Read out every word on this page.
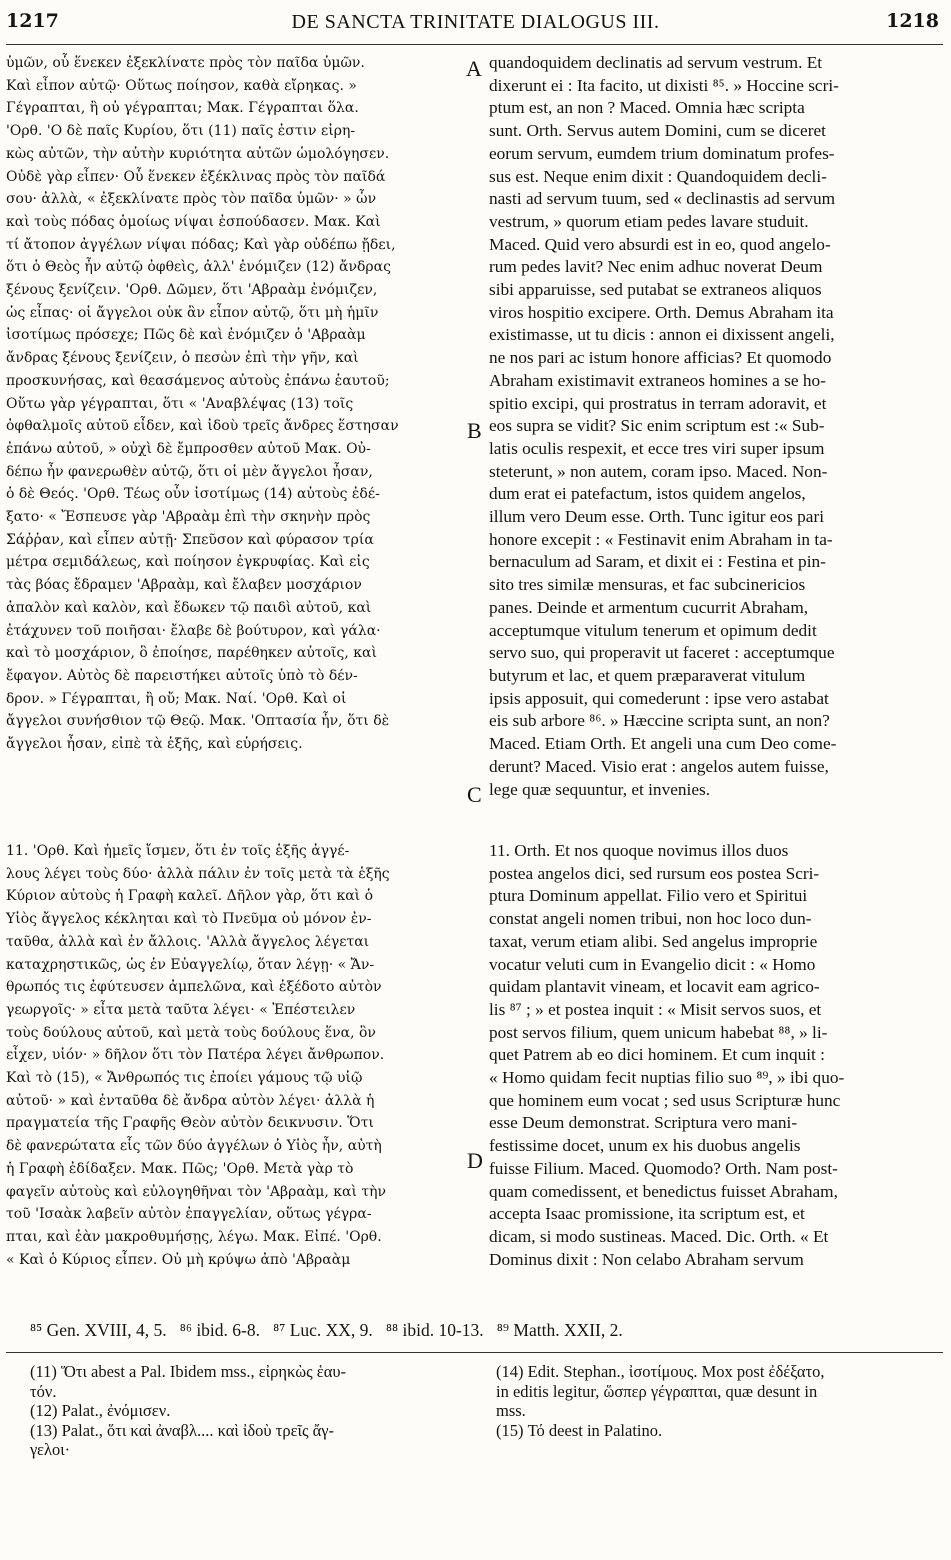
1217	DE SANCTA TRINITATE DIALOGUS III.	1218
ὑμῶν, οὗ ἕνεκεν ἐξεκλίνατε πρὸς τὸν παῖδα ὑμῶν.
Καὶ εἶπον αὐτῷ· Οὕτως ποίησον, καθὰ εἴρηκας. »
Γέγραπται, ἢ οὐ γέγραπται; Μακ. Γέγραπται ὅλα.
'Ορθ. 'Ο δὲ παῖς Κυρίου, ὅτι (11) παῖς ἐστιν εἰρη-
κὼς αὐτῶν, τὴν αὐτὴν κυριότητα αὐτῶν ὡμολόγησεν.
Οὐδὲ γὰρ εἶπεν· Οὗ ἕνεκεν ἐξέκλινας πρὸς τὸν παῖδά
σου· ἀλλὰ, « ἐξεκλίνατε πρὸς τὸν παῖδα ὑμῶν· » ὧν
καὶ τοὺς πόδας ὁμοίως νίψαι ἐσπούδασεν. Μακ. Καὶ
τί ἄτοπον ἀγγέλων νίψαι πόδας; Καὶ γὰρ οὐδέπω ᾔδει,
ὅτι ὁ Θεὸς ἦν αὐτῷ ὀφθεὶς, ἀλλ' ἐνόμιζεν (12) ἄνδρας
ξένους ξενίζειν. 'Ορθ. Δῶμεν, ὅτι 'Αβραὰμ ἐνόμιζεν,
ὡς εἶπας· οἱ ἄγγελοι οὐκ ἂν εἶπον αὐτῷ, ὅτι μὴ ἡμῖν
ἰσοτίμως πρόσεχε; Πῶς δὲ καὶ ἐνόμιζεν ὁ 'Αβραὰμ
ἄνδρας ξένους ξενίζειν, ὁ πεσὼν ἐπὶ τὴν γῆν, καὶ
προσκυνήσας, καὶ θεασάμενος αὐτοὺς ἐπάνω ἑαυτοῦ;
Οὕτω γὰρ γέγραπται, ὅτι « 'Αναβλέψας (13) τοῖς
ὀφθαλμοῖς αὐτοῦ εἶδεν, καὶ ἰδοὺ τρεῖς ἄνδρες ἕστησαν
ἐπάνω αὐτοῦ, » οὐχὶ δὲ ἔμπροσθεν αὐτοῦ Μακ. Οὐ-
δέπω ἦν φανερωθὲν αὐτῷ, ὅτι οἱ μὲν ἄγγελοι ἦσαν,
ὁ δὲ Θεός. 'Ορθ. Τέως οὖν ἰσοτίμως (14) αὐτοὺς ἐδέ-
ξατο· « Ἔσπευσε γὰρ 'Αβραὰμ ἐπὶ τὴν σκηνὴν πρὸς
Σάῤῥαν, καὶ εἶπεν αὐτῇ· Σπεῦσον καὶ φύρασον τρία
μέτρα σεμιδάλεως, καὶ ποίησον ἐγκρυφίας. Καὶ εἰς
τὰς βόας ἔδραμεν 'Αβραὰμ, καὶ ἔλαβεν μοσχάριον
ἁπαλὸν καὶ καλὸν, καὶ ἔδωκεν τῷ παιδὶ αὐτοῦ, καὶ
ἐτάχυνεν τοῦ ποιῆσαι· ἔλαβε δὲ βούτυρον, καὶ γάλα·
καὶ τὸ μοσχάριον, ὃ ἐποίησε, παρέθηκεν αὐτοῖς, καὶ
ἔφαγον. Αὐτὸς δὲ παρειστήκει αὐτοῖς ὑπὸ τὸ δέν-
δρον. » Γέγραπται, ἢ οὔ; Μακ. Ναί. 'Ορθ. Καὶ οἱ
ἄγγελοι συνήσθιον τῷ Θεῷ. Μακ. 'Οπτασία ἦν, ὅτι δὲ
ἄγγελοι ἦσαν, εἰπὲ τὰ ἑξῆς, καὶ εὑρήσεις.
quandoquidem declinatis ad servum vestrum. Et
dixerunt ei : Ita facito, ut dixisti ⁸⁵. » Hoccine scri-
ptum est, an non ? Maced. Omnia hæc scripta
sunt. Orth. Servus autem Domini, cum se diceret
eorum servum, eumdem trium dominatum profes-
sus est. Neque enim dixit : Quandoquidem decli-
nasti ad servum tuum, sed « declinastis ad servum
vestrum, » quorum etiam pedes lavare studuit.
Maced. Quid vero absurdi est in eo, quod angelo-
rum pedes lavit? Nec enim adhuc noverat Deum
sibi apparuisse, sed putabat se extraneos aliquos
viros hospitio excipere. Orth. Demus Abraham ita
existimasse, ut tu dicis : annon ei dixissent angeli,
ne nos pari ac istum honore afficias? Et quomodo
Abraham existimavit extraneos homines a se ho-
spitio excipi, qui prostratus in terram adoravit, et
eos supra se vidit? Sic enim scriptum est :« Sub-
latis oculis respexit, et ecce tres viri super ipsum
steterunt, » non autem, coram ipso. Maced. Non-
dum erat ei patefactum, istos quidem angelos,
illum vero Deum esse. Orth. Tunc igitur eos pari
honore excepit : « Festinavit enim Abraham in ta-
bernaculum ad Saram, et dixit ei : Festina et pin-
sito tres similæ mensuras, et fac subcinericios
panes. Deinde et armentum cucurrit Abraham,
acceptumque vitulum tenerum et opimum dedit
servo suo, qui properavit ut faceret : acceptumque
butyrum et lac, et quem præparaverat vitulum
ipsis apposuit, qui comederunt : ipse vero astabat
eis sub arbore ⁸⁶. » Hæccine scripta sunt, an non?
Maced. Etiam Orth. Et angeli una cum Deo come-
derunt? Maced. Visio erat : angelos autem fuisse,
lege quæ sequuntur, et invenies.
11. 'Ορθ. Καὶ ἡμεῖς ἴσμεν, ὅτι ἐν τοῖς ἑξῆς ἀγγέ-
λους λέγει τοὺς δύο· ἀλλὰ πάλιν ἐν τοῖς μετὰ τὰ ἑξῆς
Κύριον αὐτοὺς ἡ Γραφὴ καλεῖ. Δῆλον γὰρ, ὅτι καὶ ὁ
Υἱὸς ἄγγελος κέκληται καὶ τὸ Πνεῦμα οὐ μόνον ἐν-
ταῦθα, ἀλλὰ καὶ ἐν ἄλλοις. 'Αλλὰ ἄγγελος λέγεται
καταχρηστικῶς, ὡς ἐν Εὐαγγελίῳ, ὅταν λέγῃ· « Ἄν-
θρωπός τις ἐφύτευσεν ἀμπελῶνα, καὶ ἐξέδοτο αὐτὸν
γεωργοῖς· » εἶτα μετὰ ταῦτα λέγει· « Ἐπέστειλεν
τοὺς δούλους αὐτοῦ, καὶ μετὰ τοὺς δούλους ἕνα, ὃν
εἶχεν, υἱόν· » δῆλον ὅτι τὸν Πατέρα λέγει ἄνθρωπον.
Καὶ τὸ (15), « Ἄνθρωπός τις ἐποίει γάμους τῷ υἱῷ
αὐτοῦ· » καὶ ἐνταῦθα δὲ ἄνδρα αὐτὸν λέγει· ἀλλὰ ἡ
πραγματεία τῆς Γραφῆς Θεὸν αὐτὸν δεικνυσιν. Ὅτι
δὲ φανερώτατα εἷς τῶν δύο ἀγγέλων ὁ Υἱὸς ἦν, αὐτὴ
ἡ Γραφὴ ἐδίδαξεν. Μακ. Πῶς; 'Ορθ. Μετὰ γὰρ τὸ
φαγεῖν αὐτοὺς καὶ εὐλογηθῆναι τὸν 'Αβραὰμ, καὶ τὴν
τοῦ 'Ισαὰκ λαβεῖν αὐτὸν ἐπαγγελίαν, οὕτως γέγρα-
πται, καὶ ἐὰν μακροθυμήσῃς, λέγω. Μακ. Εἰπέ. 'Ορθ.
« Καὶ ὁ Κύριος εἶπεν. Οὐ μὴ κρύψω ἀπὸ 'Αβραὰμ
11. Orth. Et nos quoque novimus illos duos
postea angelos dici, sed rursum eos postea Scri-
ptura Dominum appellat. Filio vero et Spiritui
constat angeli nomen tribui, non hoc loco dun-
taxat, verum etiam alibi. Sed angelus improprie
vocatur veluti cum in Evangelio dicit : « Homo
quidam plantavit vineam, et locavit eam agrico-
lis ⁸⁷ ; » et postea inquit : « Misit servos suos, et
post servos filium, quem unicum habebat ⁸⁸, » li-
quet Patrem ab eo dici hominem. Et cum inquit :
« Homo quidam fecit nuptias filio suo ⁸⁹, » ibi quo-
que hominem eum vocat ; sed usus Scripturæ hunc
esse Deum demonstrat. Scriptura vero mani-
festissime docet, unum ex his duobus angelis
fuisse Filium. Maced. Quomodo? Orth. Nam post-
quam comedissent, et benedictus fuisset Abraham,
accepta Isaac promissione, ita scriptum est, et
dicam, si modo sustineas. Maced. Dic. Orth. « Et
Dominus dixit : Non celabo Abraham servum
A
B
C
D
⁸⁵ Gen. XVIII, 4, 5.   ⁸⁶ ibid. 6-8.   ⁸⁷ Luc. XX, 9.   ⁸⁸ ibid. 10-13.   ⁸⁹ Matth. XXII, 2.
(11) Ὅτι abest a Pal. Ibidem mss., εἰρηκὼς ἑαυ-
τόν.
(12) Palat., ἐνόμισεν.
(13) Palat., ὅτι καὶ ἀναβλ.... καὶ ἰδοὺ τρεῖς ἄγ-
γελοι·
(14) Edit. Stephan., ἰσοτίμους. Mox post ἐδέξατο,
in editis legitur, ὥσπερ γέγραπται, quæ desunt in
mss.
(15) Τό deest in Palatino.
